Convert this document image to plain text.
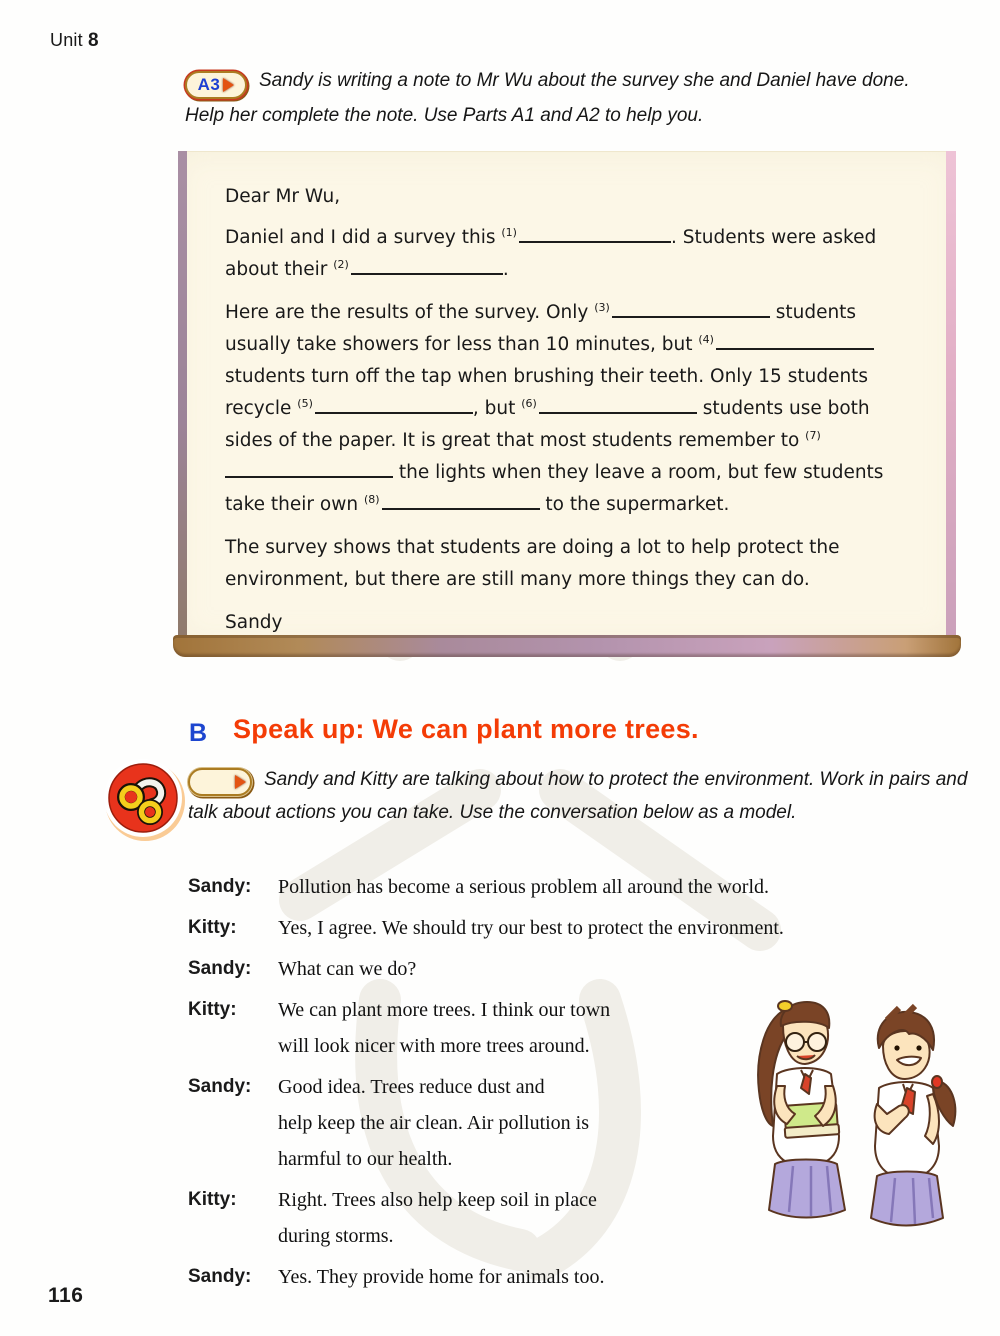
Unit 8
A3 Sandy is writing a note to Mr Wu about the survey she and Daniel have done. Help her complete the note. Use Parts A1 and A2 to help you.

Dear Mr Wu,

Daniel and I did a survey this $^{(1)}$	. Students were asked about their $^{(2)}$	.

Here are the results of the survey. Only $^{(3)}$	students usually take showers for less than 10 minutes, but $^{(4)}$ students turn off the tap when brushing their teeth. Only 15 students recycle $^{(5)}$	, but $^{(6)}$	students use both sides of the paper. It is great that most students remember to $^{(7)}$ the lights when they leave a room, but few students take their own $^{(8)}$	to the supermarket.

The survey shows that students are doing a lot to help protect the environment, but there are still many more things they can do.

Sandy

B Speak up: We can plant more trees.
Sandy and Kitty are talking about how to protect the environment. Work in pairs and talk about actions you can take. Use the conversation below as a model.
Sandy:	Pollution has become a serious problem all around the world.
Kitty:	Yes, I agree. We should try our best to protect the environment.
Sandy:	What can we do?
Kitty:	We can plant more trees. I think our town
will look nicer with more trees around.
Sandy:	Good idea. Trees reduce dust and
help keep the air clean. Air pollution is
harmful to our health.
Kitty:	Right. Trees also help keep soil in place
during storms.
Sandy:	Yes. They provide home for animals too.
116
